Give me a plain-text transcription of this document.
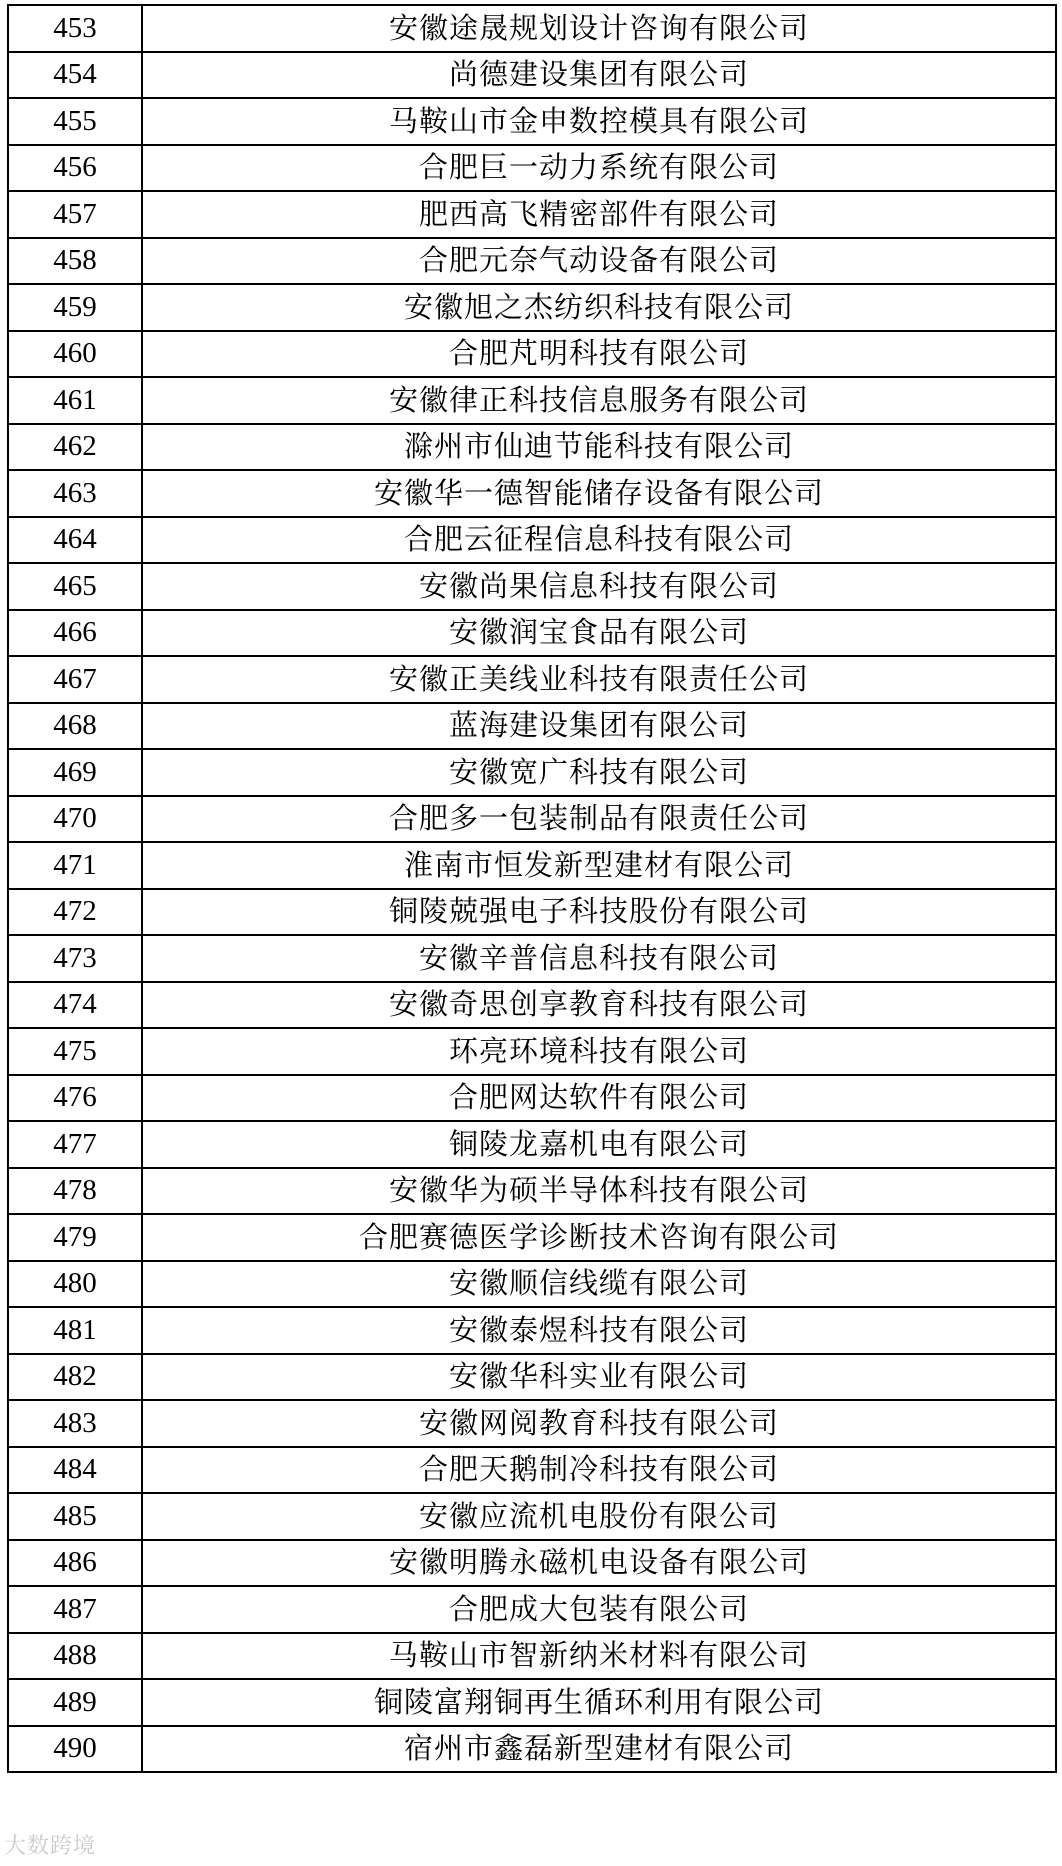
453	安徽途晟规划设计咨询有限公司
454	尚德建设集团有限公司
455	马鞍山市金申数控模具有限公司
456	合肥巨一动力系统有限公司
457	肥西高飞精密部件有限公司
458	合肥元奈气动设备有限公司
459	安徽旭之杰纺织科技有限公司
460	合肥芃明科技有限公司
461	安徽律正科技信息服务有限公司
462	滁州市仙迪节能科技有限公司
463	安徽华一德智能储存设备有限公司
464	合肥云征程信息科技有限公司
465	安徽尚果信息科技有限公司
466	安徽润宝食品有限公司
467	安徽正美线业科技有限责任公司
468	蓝海建设集团有限公司
469	安徽宽广科技有限公司
470	合肥多一包装制品有限责任公司
471	淮南市恒发新型建材有限公司
472	铜陵兢强电子科技股份有限公司
473	安徽辛普信息科技有限公司
474	安徽奇思创享教育科技有限公司
475	环亮环境科技有限公司
476	合肥网达软件有限公司
477	铜陵龙嘉机电有限公司
478	安徽华为硕半导体科技有限公司
479	合肥赛德医学诊断技术咨询有限公司
480	安徽顺信线缆有限公司
481	安徽泰煜科技有限公司
482	安徽华科实业有限公司
483	安徽网阅教育科技有限公司
484	合肥天鹅制冷科技有限公司
485	安徽应流机电股份有限公司
486	安徽明腾永磁机电设备有限公司
487	合肥成大包装有限公司
488	马鞍山市智新纳米材料有限公司
489	铜陵富翔铜再生循环利用有限公司
490	宿州市鑫磊新型建材有限公司
大数跨境
